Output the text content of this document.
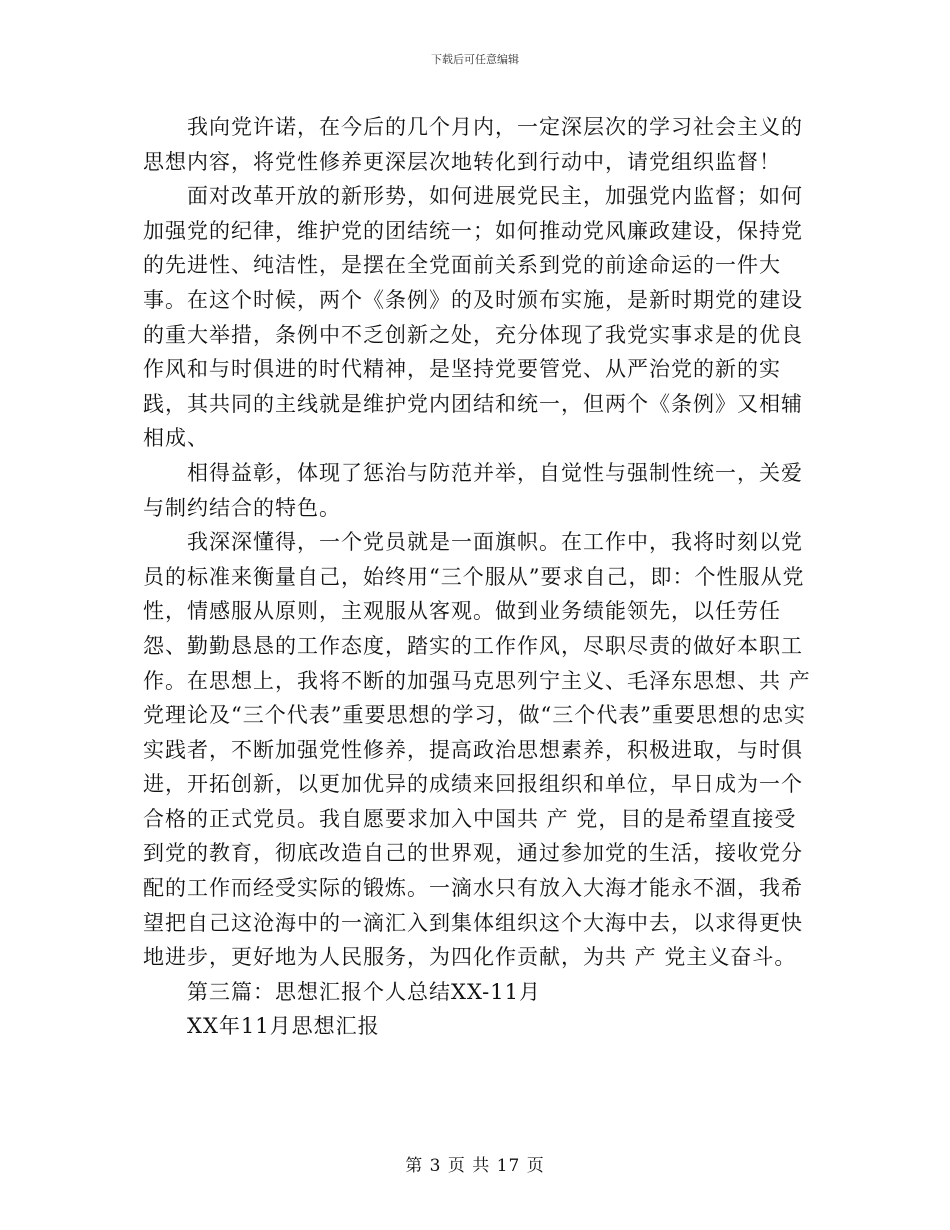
下载后可任意编辑

我向党许诺，在今后的几个月内，一定深层次的学习社会主义的思想内容，将党性修养更深层次地转化到行动中，请党组织监督！

面对改革开放的新形势，如何进展党民主，加强党内监督；如何加强党的纪律，维护党的团结统一；如何推动党风廉政建设，保持党的先进性、纯洁性，是摆在全党面前关系到党的前途命运的一件大事。在这个时候，两个《条例》的及时颁布实施，是新时期党的建设的重大举措，条例中不乏创新之处，充分体现了我党实事求是的优良作风和与时俱进的时代精神，是坚持党要管党、从严治党的新的实践，其共同的主线就是维护党内团结和统一，但两个《条例》又相辅相成、

相得益彰，体现了惩治与防范并举，自觉性与强制性统一，关爱与制约结合的特色。

我深深懂得，一个党员就是一面旗帜。在工作中，我将时刻以党员的标准来衡量自己，始终用“三个服从”要求自己，即：个性服从党性，情感服从原则，主观服从客观。做到业务绩能领先，以任劳任怨、勤勤恳恳的工作态度，踏实的工作作风，尽职尽责的做好本职工作。在思想上，我将不断的加强马克思列宁主义、毛泽东思想、共 产党理论及“三个代表”重要思想的学习，做“三个代表”重要思想的忠实实践者，不断加强党性修养，提高政治思想素养，积极进取，与时俱进，开拓创新，以更加优异的成绩来回报组织和单位，早日成为一个合格的正式党员。我自愿要求加入中国共 产 党，目的是希望直接受到党的教育，彻底改造自己的世界观，通过参加党的生活，接收党分配的工作而经受实际的锻炼。一滴水只有放入大海才能永不涸，我希望把自己这沧海中的一滴汇入到集体组织这个大海中去，以求得更快地进步，更好地为人民服务，为四化作贡献，为共 产 党主义奋斗。

第三篇：思想汇报个人总结XX-11月

XX年11月思想汇报

第 3 页 共 17 页
